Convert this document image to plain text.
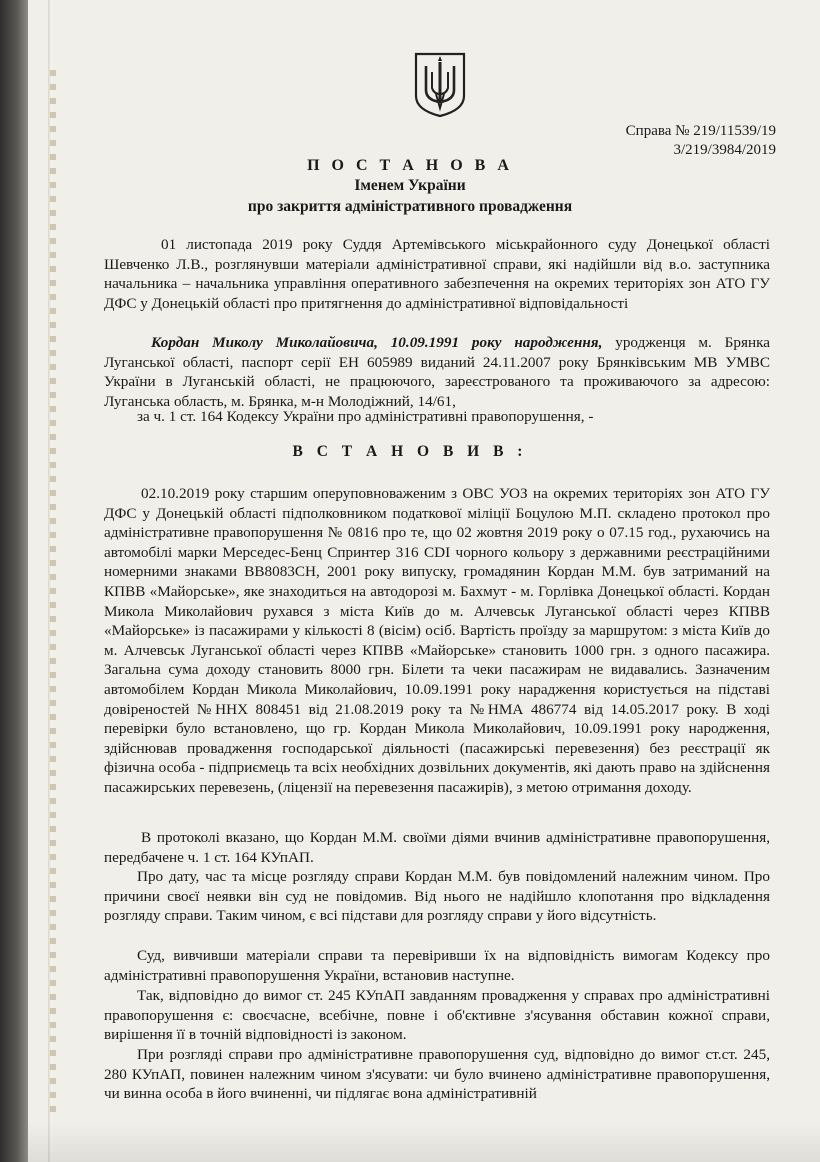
Справа № 219/11539/19
3/219/3984/2019
П О С Т А Н О В А
Іменем України
про закриття адміністративного провадження

01 листопада 2019 року Суддя Артемівського міськрайонного суду Донецької області Шевченко Л.В., розглянувши матеріали адміністративної справи, які надійшли від в.о. заступника начальника – начальника управління оперативного забезпечення на окремих територіях зон АТО ГУ ДФС у Донецькій області про притягнення до адміністративної відповідальності

Кордан Миколу Миколайовича, 10.09.1991 року народження, уродженця м. Брянка Луганської області, паспорт серії ЕН 605989 виданий 24.11.2007 року Брянківським МВ УМВС України в Луганській області, не працюючого, зареєстрованого та проживаючого за адресою: Луганська область, м. Брянка, м-н Молодіжний, 14/61,

за ч. 1 ст. 164 Кодексу України про адміністративні правопорушення, -

В С Т А Н О В И В :

02.10.2019 року старшим оперуповноваженим з ОВС УОЗ на окремих територіях зон АТО ГУ ДФС у Донецькій області підполковником податкової міліції Боцулою М.П. складено протокол про адміністративне правопорушення № 0816 про те, що 02 жовтня 2019 року о 07.15 год., рухаючись на автомобілі марки Мерседес-Бенц Спринтер 316 CDI чорного кольору з державними реєстраційними номерними знаками ВВ8083СН, 2001 року випуску, громадянин Кордан М.М. був затриманий на КПВВ «Майорське», яке знаходиться на автодорозі м. Бахмут - м. Горлівка Донецької області. Кордан Микола Миколайович рухався з міста Київ до м. Алчевськ Луганської області через КПВВ «Майорське» із пасажирами у кількості 8 (вісім) осіб. Вартість проїзду за маршрутом: з міста Київ до м. Алчевськ Луганської області через КПВВ «Майорське» становить 1000 грн. з одного пасажира. Загальна сума доходу становить 8000 грн. Білети та чеки пасажирам не видавались. Зазначеним автомобілем Кордан Микола Миколайович, 10.09.1991 року нарадження користується на підставі довіреностей №ННХ 808451 від 21.08.2019 року та №НМА 486774 від 14.05.2017 року. В ході перевірки було встановлено, що гр. Кордан Микола Миколайович, 10.09.1991 року народження, здійснював провадження господарської діяльності (пасажирські перевезення) без реєстрації як фізична особа - підприємець та всіх необхідних дозвільних документів, які дають право на здійснення пасажирських перевезень, (ліцензії на перевезення пасажирів), з метою отримання доходу.

В протоколі вказано, що Кордан М.М. своїми діями вчинив адміністративне правопорушення, передбачене ч. 1 ст. 164 КУпАП.

Про дату, час та місце розгляду справи Кордан М.М. був повідомлений належним чином. Про причини своєї неявки він суд не повідомив. Від нього не надійшло клопотання про відкладення розгляду справи. Таким чином, є всі підстави для розгляду справи у його відсутність.

Суд, вивчивши матеріали справи та перевіривши їх на відповідність вимогам Кодексу про адміністративні правопорушення України, встановив наступне.

Так, відповідно до вимог ст. 245 КУпАП завданням провадження у справах про адміністративні правопорушення є: своєчасне, всебічне, повне і об'єктивне з'ясування обставин кожної справи, вирішення її в точній відповідності із законом.

При розгляді справи про адміністративне правопорушення суд, відповідно до вимог ст.ст. 245, 280 КУпАП, повинен належним чином з'ясувати: чи було вчинено адміністративне правопорушення, чи винна особа в його вчиненні, чи підлягає вона адміністративній
